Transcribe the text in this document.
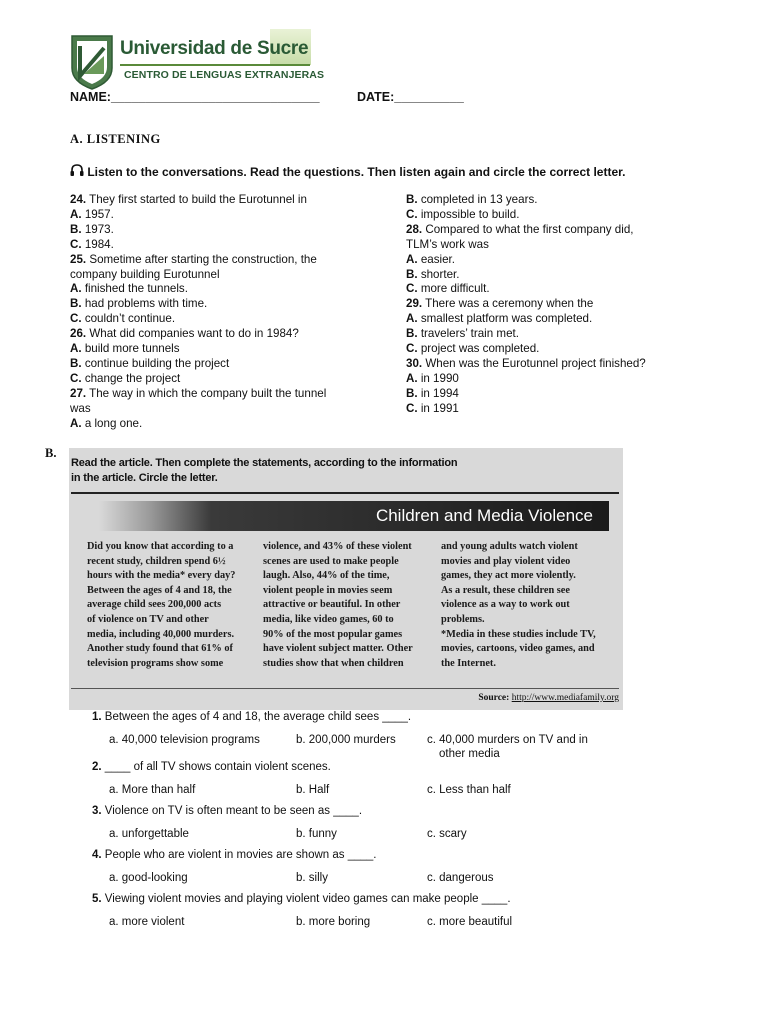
Universidad de Sucre
CENTRO DE LENGUAS EXTRANJERAS
NAME:______________________________	DATE:__________
A. LISTENING
Listen to the conversations. Read the questions. Then listen again and circle the correct letter.
24. They first started to build the Eurotunnel in
A. 1957.
B. 1973.
C. 1984.
25. Sometime after starting the construction, the
company building Eurotunnel
A. finished the tunnels.
B. had problems with time.
C. couldn’t continue.
26. What did companies want to do in 1984?
A. build more tunnels
B. continue building the project
C. change the project
27. The way in which the company built the tunnel
was
A. a long one.
B. completed in 13 years.
C. impossible to build.
28. Compared to what the first company did,
TLM’s work was
A. easier.
B. shorter.
C. more difficult.
29. There was a ceremony when the
A. smallest platform was completed.
B. travelers’ train met.
C. project was completed.
30. When was the Eurotunnel project finished?
A. in 1990
B. in 1994
C. in 1991
B.
Read the article. Then complete the statements, according to the information
in the article. Circle the letter.
Children and Media Violence
Did you know that according to a
recent study, children spend 6½
hours with the media* every day?
Between the ages of 4 and 18, the
average child sees 200,000 acts
of violence on TV and other
media, including 40,000 murders.
Another study found that 61% of
television programs show some
violence, and 43% of these violent
scenes are used to make people
laugh. Also, 44% of the time,
violent people in movies seem
attractive or beautiful. In other
media, like video games, 60 to
90% of the most popular games
have violent subject matter. Other
studies show that when children
and young adults watch violent
movies and play violent video
games, they act more violently.
As a result, these children see
violence as a way to work out
problems.
*Media in these studies include TV,
movies, cartoons, video games, and
the Internet.
Source: http://www.mediafamily.org
1. Between the ages of 4 and 18, the average child sees ____.
a. 40,000 television programs	b. 200,000 murders	c. 40,000 murders on TV and in
other media
2. ____ of all TV shows contain violent scenes.
a. More than half	b. Half	c. Less than half
3. Violence on TV is often meant to be seen as ____.
a. unforgettable	b. funny	c. scary
4. People who are violent in movies are shown as ____.
a. good-looking	b. silly	c. dangerous
5. Viewing violent movies and playing violent video games can make people ____.
a. more violent	b. more boring	c. more beautiful
